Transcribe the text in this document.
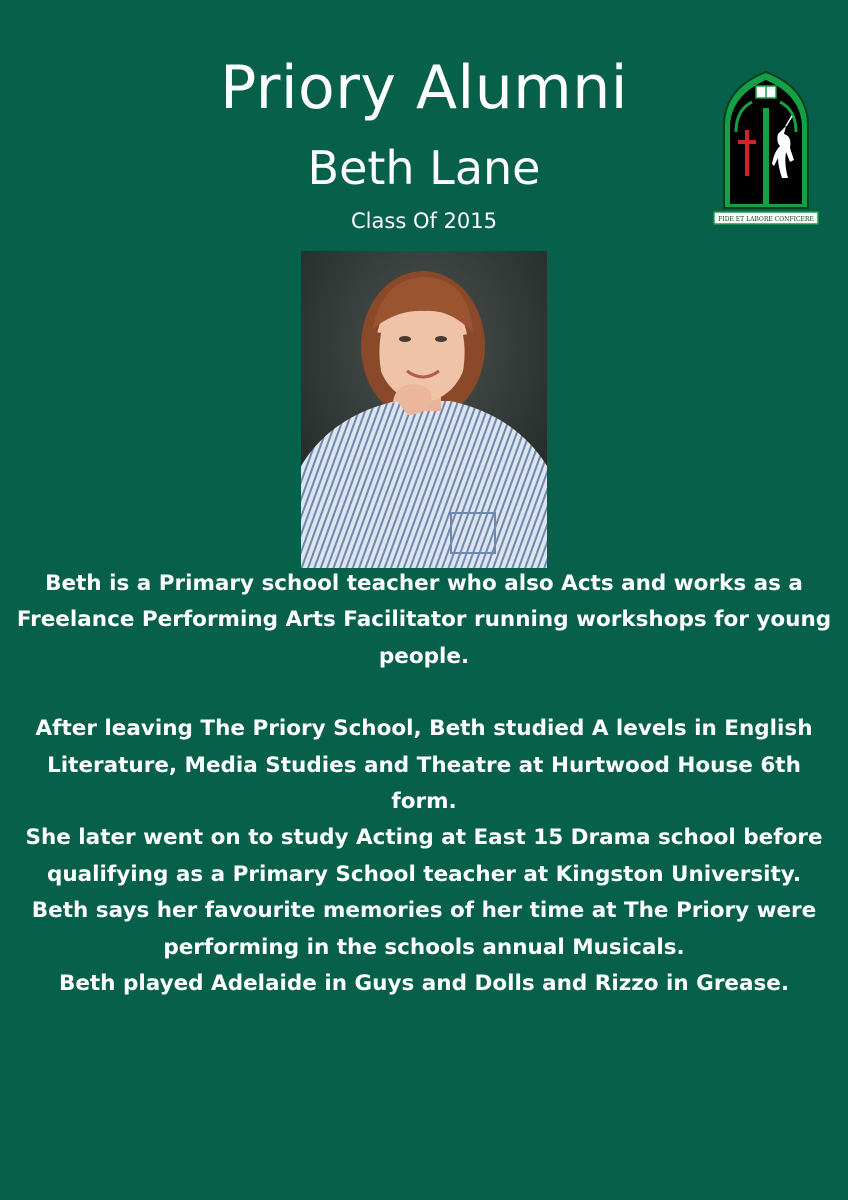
Priory Alumni
Beth Lane
Class Of 2015	FIDE ET LABORE CONFICERE

Beth is a Primary school teacher who also Acts and works as a Freelance Performing Arts Facilitator running workshops for young people.

After leaving The Priory School, Beth studied A levels in English Literature, Media Studies and Theatre at Hurtwood House 6th form.

She later went on to study Acting at East 15 Drama school before qualifying as a Primary School teacher at Kingston University.

Beth says her favourite memories of her time at The Priory were performing in the schools annual Musicals.

Beth played Adelaide in Guys and Dolls and Rizzo in Grease.
